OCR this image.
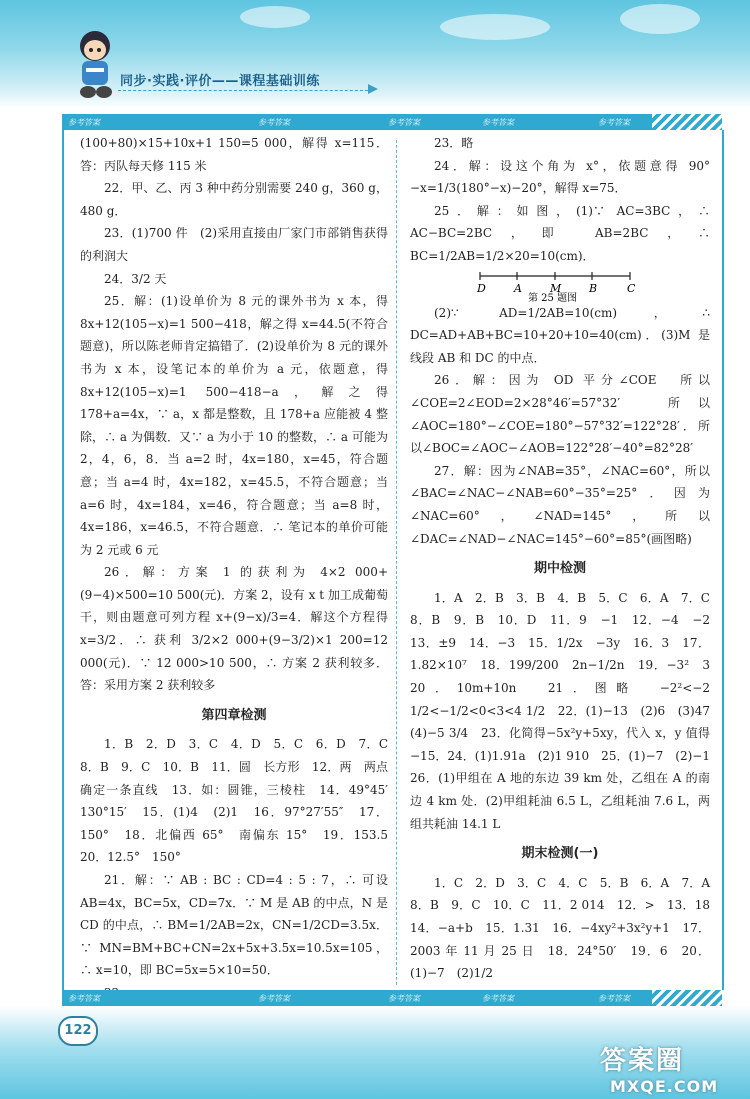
同步·实践·评价——课程基础训练
参考答案	参考答案	参考答案	参考答案	参考答案

(100+80)×15+10x+1 150=5 000，解得 x=115．答：丙队每天修 115 米

22．甲、乙、丙 3 种中药分别需要 240 g，360 g，480 g．

23．(1)700 件　(2)采用直接由厂家门市部销售获得的利润大

24．3/2 天

25．解：(1)设单价为 8 元的课外书为 x 本，得 8x+12(105−x)=1 500−418，解之得 x=44.5(不符合题意)，所以陈老师肯定搞错了．(2)设单价为 8 元的课外书为 x 本，设笔记本的单价为 a 元，依题意，得 8x+12(105−x)=1 500−418−a，解之得 178+a=4x，∵ a，x 都是整数，且 178+a 应能被 4 整除，∴ a 为偶数．又∵ a 为小于 10 的整数，∴ a 可能为 2，4，6，8．当 a=2 时，4x=180，x=45，符合题意；当 a=4 时，4x=182，x=45.5，不符合题意；当 a=6 时，4x=184，x=46，符合题意；当 a=8 时，4x=186，x=46.5，不符合题意．∴ 笔记本的单价可能为 2 元或 6 元

26．解：方案 1 的获利为 4×2 000+(9−4)×500=10 500(元)．方案 2，设有 x t 加工成葡萄干，则由题意可列方程 x+(9−x)/3=4．解这个方程得 x=3/2．∴ 获利 3/2×2 000+(9−3/2)×1 200=12 000(元)．∵ 12 000>10 500，∴ 方案 2 获利较多．答：采用方案 2 获利较多

第四章检测

1．B　2．D　3．C　4．D　5．C　6．D　7．C　8．B　9．C　10．B　11．圆　长方形　12．两　两点确定一条直线　13．如：圆锥，三棱柱　14．49°45′　130°15′　15．(1)4　(2)1　16．97°27′55″　17．150°　18．北偏西 65°　南偏东 15°　19．153.5　20．12.5°　150°

21．解：∵ AB : BC : CD=4 : 5 : 7，∴ 可设 AB=4x，BC=5x，CD=7x．∵ M 是 AB 的中点，N 是 CD 的中点，∴ BM=1/2AB=2x，CN=1/2CD=3.5x．∵ MN=BM+BC+CN=2x+5x+3.5x=10.5x=105，∴ x=10，即 BC=5x=5×10=50．

23．略

24．解：设这个角为 x°，依题意得 90°−x=1/3(180°−x)−20°，解得 x=75．

25．解：如图，(1)∵ AC=3BC，∴ AC−BC=2BC，即 AB=2BC，∴ BC=1/2AB=1/2×20=10(cm)．

D	A	M	B	C
第 25 题图

(2)∵ AD=1/2AB=10(cm)，∴ DC=AD+AB+BC=10+20+10=40(cm)．(3)M 是线段 AB 和 DC 的中点．

26．解：因为 OD 平分∠COE　所以∠COE=2∠EOD=2×28°46′=57°32′　所以∠AOC=180°−∠COE=180°−57°32′=122°28′．所以∠BOC=∠AOC−∠AOB=122°28′−40°=82°28′

27．解：因为∠NAB=35°，∠NAC=60°，所以∠BAC=∠NAC−∠NAB=60°−35°=25°．因为∠NAC=60°，∠NAD=145°，所以∠DAC=∠NAD−∠NAC=145°−60°=85°(画图略)

期中检测

1．A　2．B　3．B　4．B　5．C　6．A　7．C　8．B　9．B　10．D　11．9　−1　12．−4　−2　13．±9　14．−3　15．1/2x　−3y　16．3　17．1.82×10⁷　18．199/200　2n−1/2n　19．−3²　3　20．10m+10n　21．图略　−2²<−2 1/2<−1/2<0<3<4 1/2　22．(1)−13　(2)6　(3)47　(4)−5 3/4　23．化简得−5x²y+5xy，代入 x，y 值得−15．24．(1)1.91a　(2)1 910　25．(1)−7　(2)−1　26．(1)甲组在 A 地的东边 39 km 处，乙组在 A 的南边 4 km 处．(2)甲组耗油 6.5 L，乙组耗油 7.6 L，两组共耗油 14.1 L

期末检测(一)

1．C　2．D　3．C　4．C　5．B　6．A　7．A　8．B　9．C　10．C　11．2 014　12．>　13．18　14．−a+b　15．1.31　16．−4xy²+3x²y+1　17．2003 年 11 月 25 日　18．24°50′　19．6　20．(1)−7　(2)1/2

参考答案	参考答案	参考答案	参考答案	参考答案
122
答案圈
MXQE.COM
